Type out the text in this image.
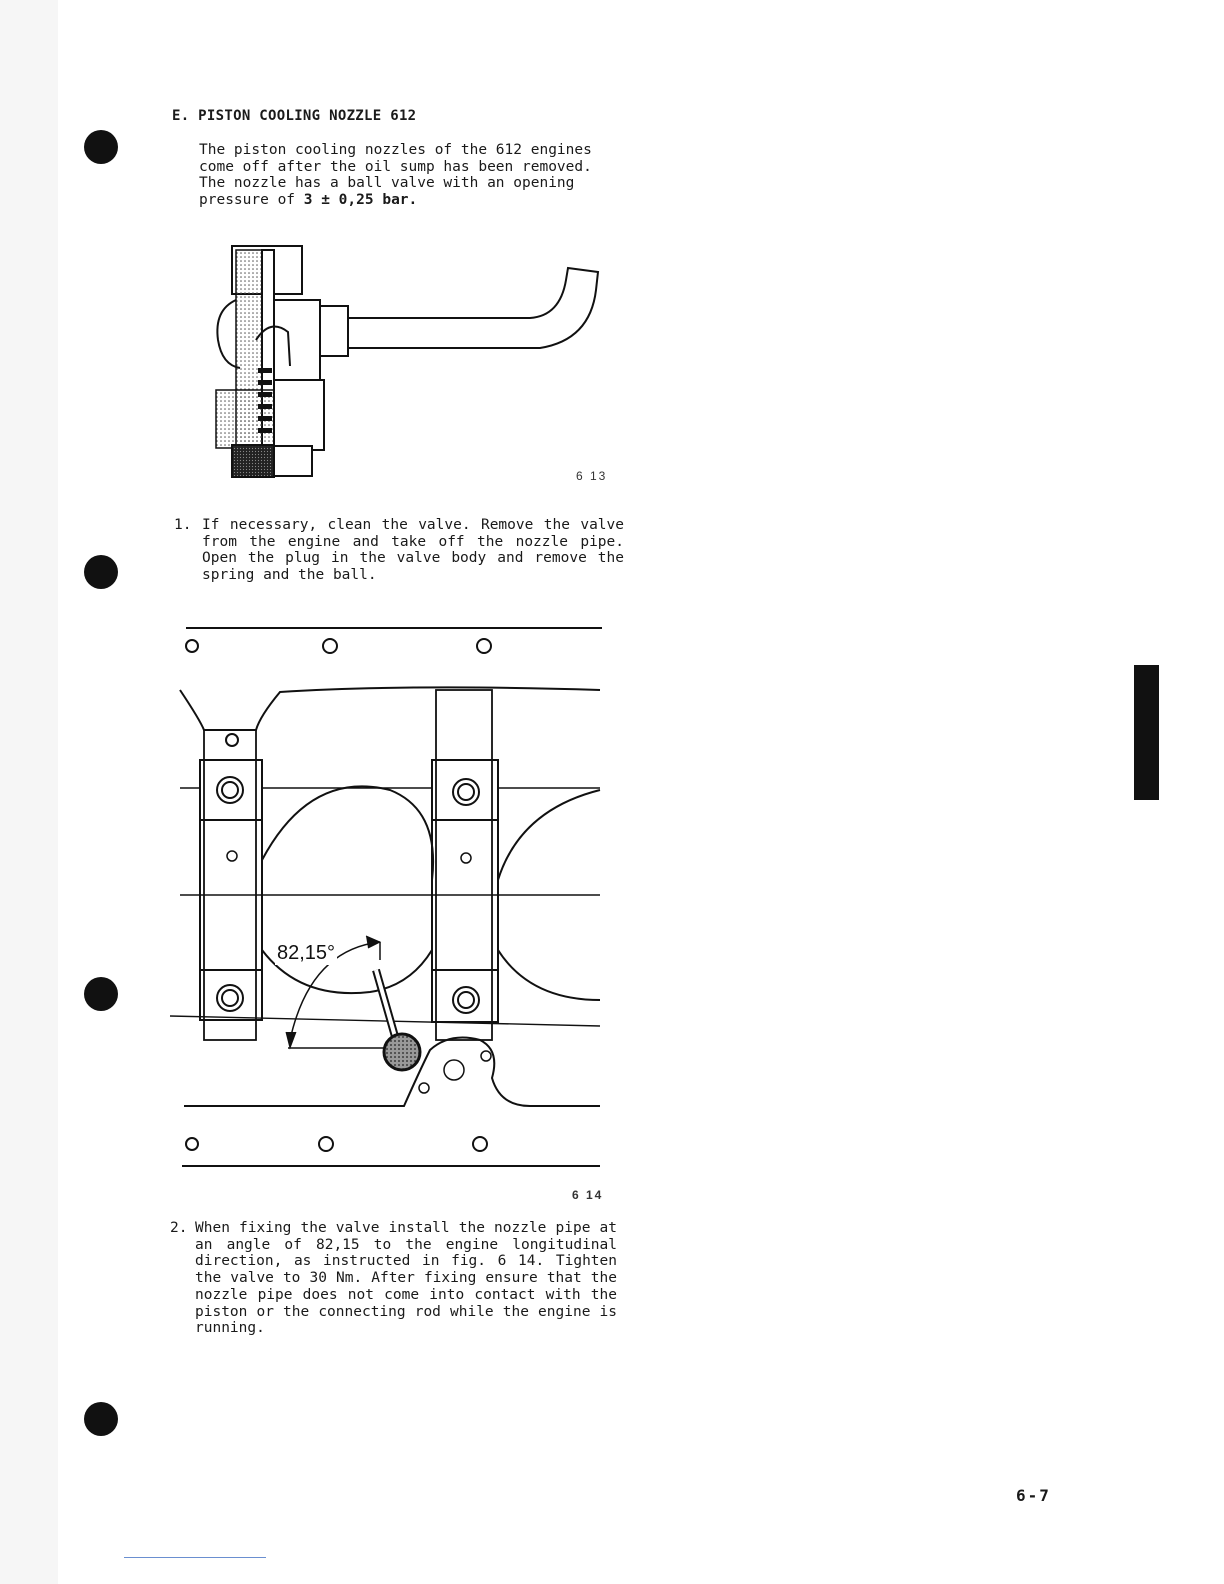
E. PISTON COOLING NOZZLE 612

The piston cooling nozzles of the 612 engines

come off after the oil sump has been removed.

The nozzle has a ball valve with an opening

pressure of 3 ± 0,25 bar.

6 13
1. If necessary, clean the valve. Remove the valve from the engine and take off the nozzle pipe. Open the plug in the valve body and remove the spring and the ball.
82,15°
6 14
2. When fixing the valve install the nozzle pipe at an angle of 82,15 to the engine longitudinal direction, as instructed in fig. 6 14. Tighten the valve to 30 Nm. After fixing ensure that the nozzle pipe does not come into contact with the piston or the connecting rod while the engine is running.
6-7
